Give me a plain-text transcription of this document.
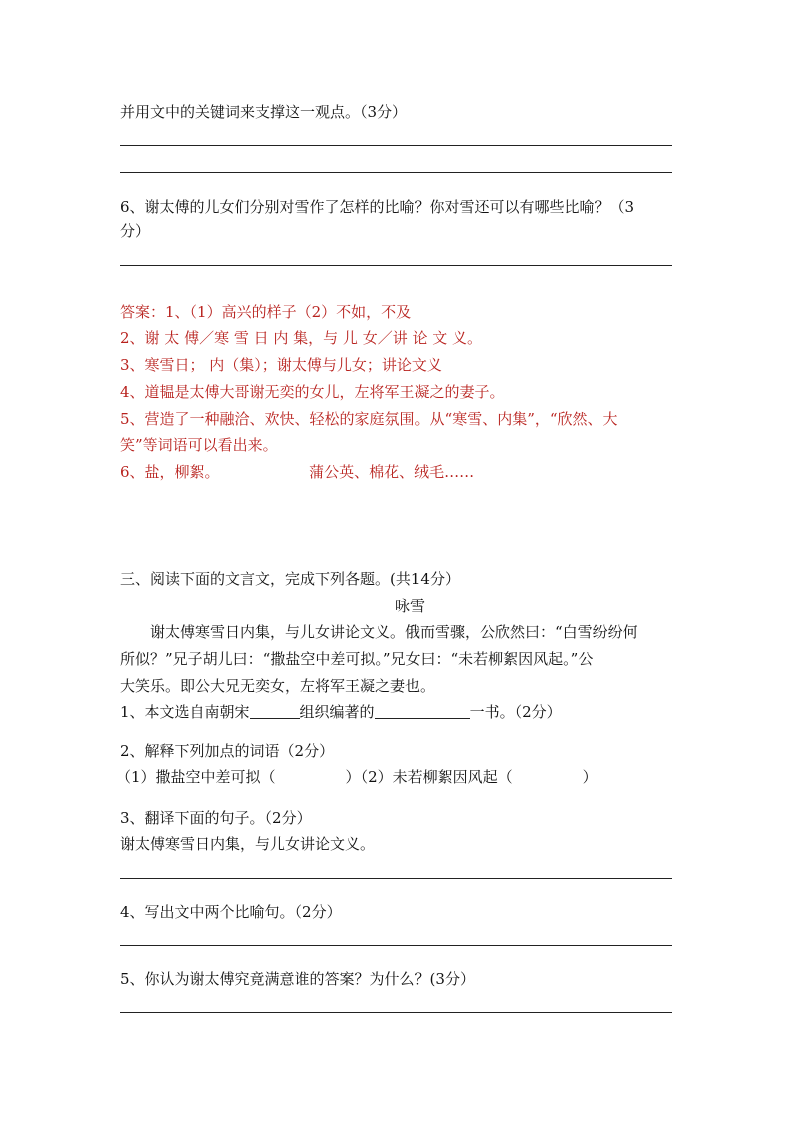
并用文中的关键词来支撑这一观点。（3分）
6、谢太傅的儿女们分别对雪作了怎样的比喻？你对雪还可以有哪些比喻？（3
分）
答案：1、（1）高兴的样子（2）不如，不及
2、谢 太 傅／寒 雪 日 内 集，与 儿 女／讲 论 文 义。
3、寒雪日； 内（集）；谢太傅与儿女；讲论文义
4、道韫是太傅大哥谢无奕的女儿，左将军王凝之的妻子。
5、营造了一种融洽、欢快、轻松的家庭氛围。从“寒雪、内集”，“欣然、大
笑”等词语可以看出来。
6、盐，柳絮。	蒲公英、棉花、绒毛……
三、阅读下面的文言文，完成下列各题。(共14分）
咏雪
谢太傅寒雪日内集，与儿女讲论文义。俄而雪骤，公欣然曰：“白雪纷纷何
所似？”兄子胡儿曰：“撒盐空中差可拟。”兄女曰：“未若柳絮因风起。”公
大笑乐。即公大兄无奕女，左将军王凝之妻也。
1、本文选自南朝宋	组织编著的	一书。（2分）
2、解释下列加点的词语（2分）
（1）撒盐空中差可拟（	）（2）未若柳絮因风起（	）
3、翻译下面的句子。（2分）
谢太傅寒雪日内集，与儿女讲论文义。
4、写出文中两个比喻句。（2分）
5、你认为谢太傅究竟满意谁的答案？为什么？(3分）
